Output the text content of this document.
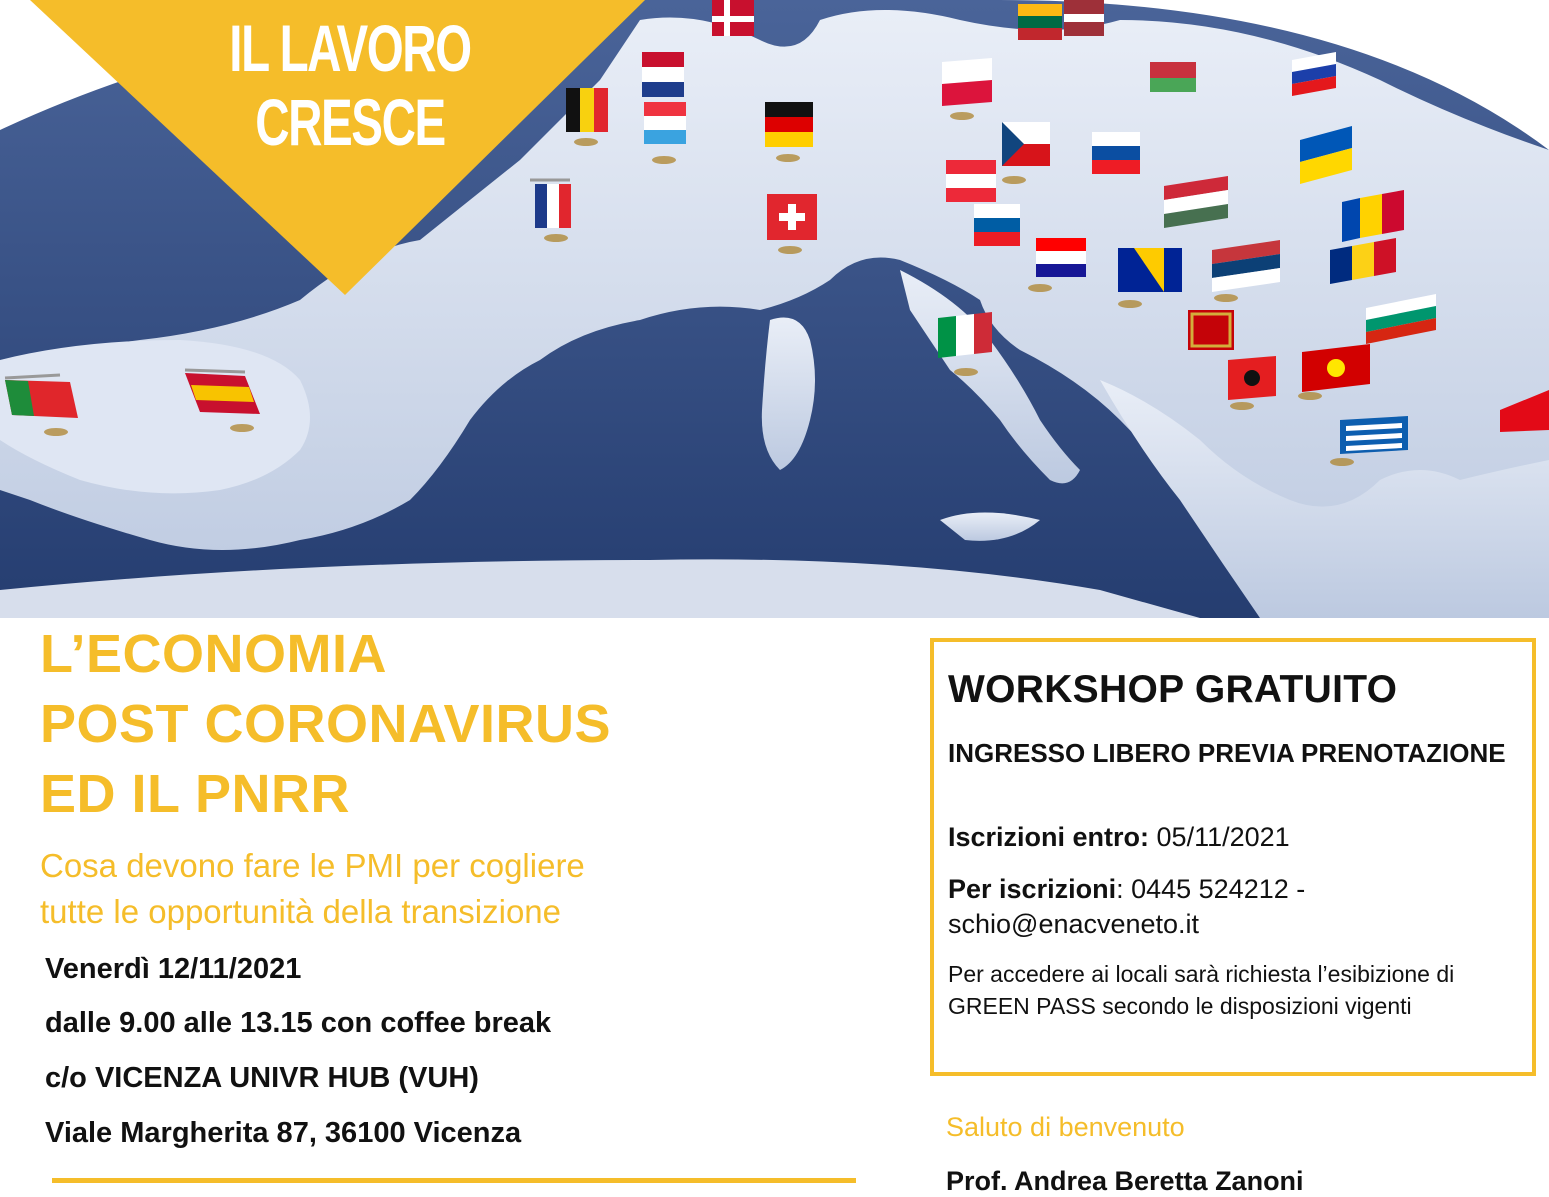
IL LAVORO
CRESCE
L’ECONOMIA
POST CORONAVIRUS
ED IL PNRR
Cosa devono fare le PMI per cogliere
tutte le opportunità della transizione
Venerdì 12/11/2021
dalle 9.00 alle 13.15 con coffee break
c/o VICENZA UNIVR HUB (VUH)
Viale Margherita 87, 36100 Vicenza
WORKSHOP GRATUITO
INGRESSO LIBERO PREVIA PRENOTAZIONE
Iscrizioni entro: 05/11/2021
Per iscrizioni: 0445 524212 -
schio@enacveneto.it
Per accedere ai locali sarà richiesta l’esibizione di GREEN PASS secondo le disposizioni vigenti
Saluto di benvenuto
Prof. Andrea Beretta Zanoni
